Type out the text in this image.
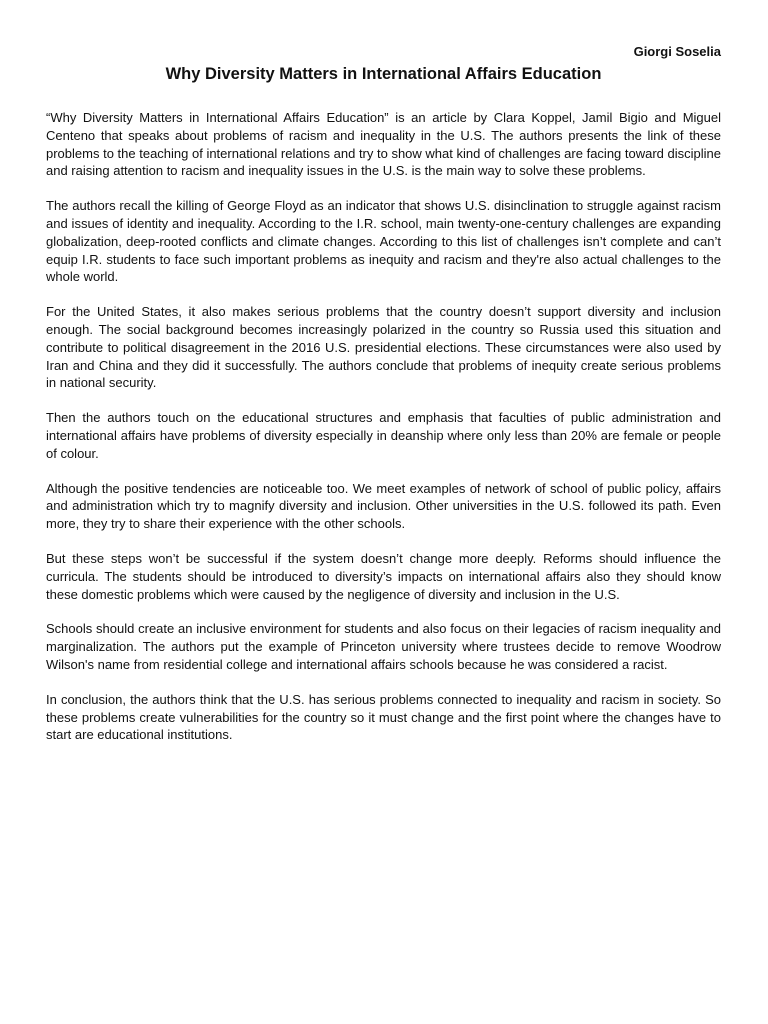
Giorgi Soselia

Why Diversity Matters in International Affairs Education

“Why Diversity Matters in International Affairs Education” is an article by Clara Koppel, Jamil Bigio and Miguel Centeno that speaks about problems of racism and inequality in the U.S. The authors presents the link of these problems to the teaching of international relations and try to show what kind of challenges are facing toward discipline and raising attention to racism and inequality issues in the U.S. is the main way to solve these problems.

The authors recall the killing of George Floyd as an indicator that shows U.S. disinclination to struggle against racism and issues of identity and inequality. According to the I.R. school, main twenty-one-century challenges are expanding globalization, deep-rooted conflicts and climate changes. According to this list of challenges isn’t complete and can’t equip I.R. students to face such important problems as inequity and racism and they're also actual challenges to the whole world.

For the United States, it also makes serious problems that the country doesn’t support diversity and inclusion enough. The social background becomes increasingly polarized in the country so Russia used this situation and contribute to political disagreement in the 2016 U.S. presidential elections. These circumstances were also used by Iran and China and they did it successfully. The authors conclude that problems of inequity create serious problems in national security.

Then the authors touch on the educational structures and emphasis that faculties of public administration and international affairs have problems of diversity especially in deanship where only less than 20% are female or people of colour.

Although the positive tendencies are noticeable too. We meet examples of network of school of public policy, affairs and administration which try to magnify diversity and inclusion. Other universities in the U.S. followed its path. Even more, they try to share their experience with the other schools.

But these steps won’t be successful if the system doesn’t change more deeply. Reforms should influence the curricula. The students should be introduced to diversity’s impacts on international affairs also they should know these domestic problems which were caused by the negligence of diversity and inclusion in the U.S.

Schools should create an inclusive environment for students and also focus on their legacies of racism inequality and marginalization. The authors put the example of Princeton university where trustees decide to remove Woodrow Wilson's name from residential college and international affairs schools because he was considered a racist.

In conclusion, the authors think that the U.S. has serious problems connected to inequality and racism in society. So these problems create vulnerabilities for the country so it must change and the first point where the changes have to start are educational institutions.
